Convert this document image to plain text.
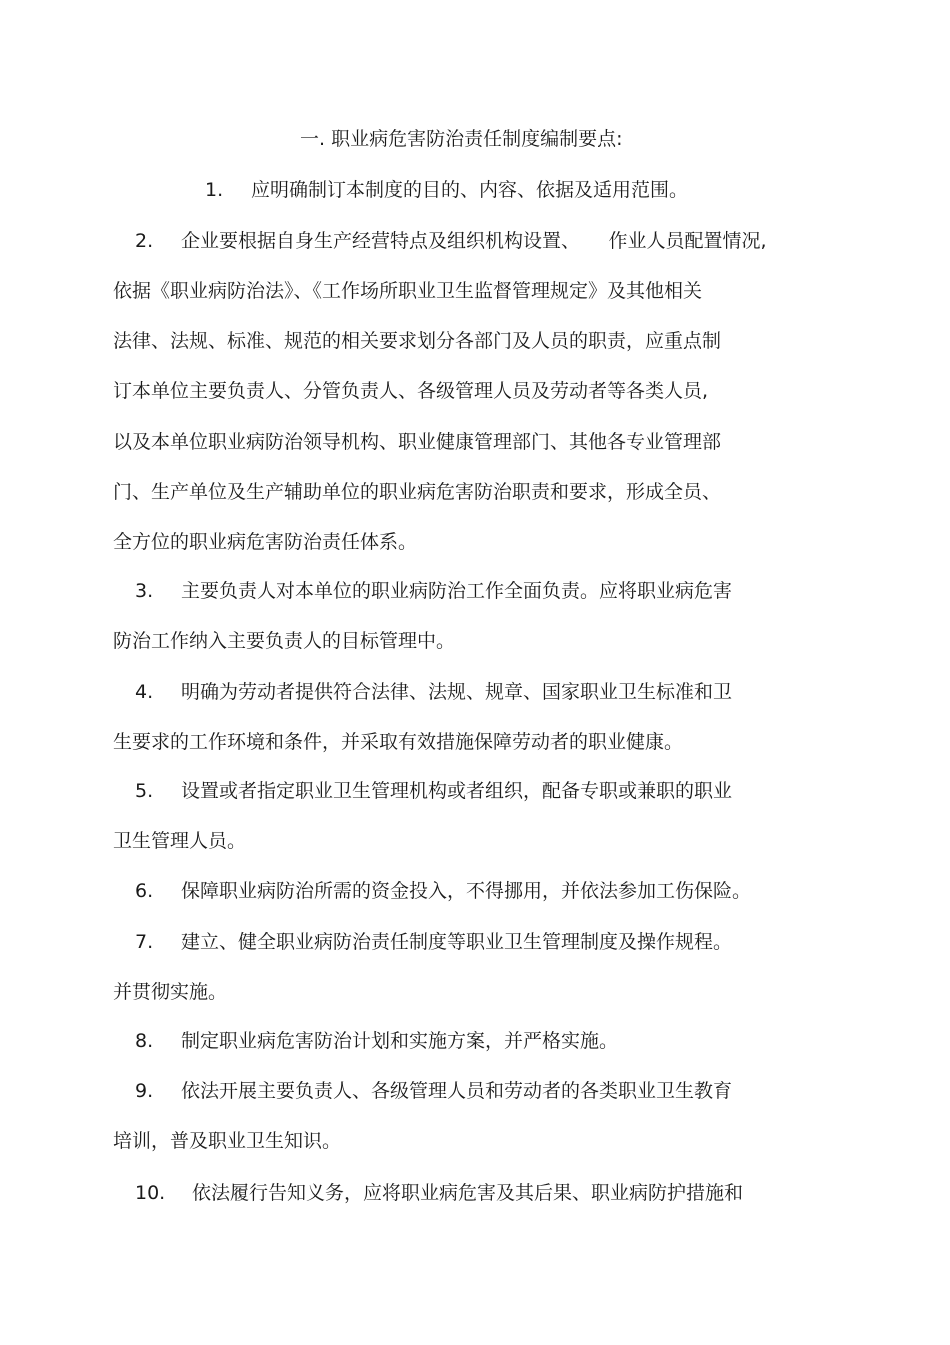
一. 职业病危害防治责任制度编制要点:
1. 应明确制订本制度的目的、内容、依据及适用范围。
2. 企业要根据自身生产经营特点及组织机构设置、　　作业人员配置情况,
依据《职业病防治法》、《工作场所职业卫生监督管理规定》及其他相关
法律、法规、标准、规范的相关要求划分各部门及人员的职责，应重点制
订本单位主要负责人、分管负责人、各级管理人员及劳动者等各类人员,
以及本单位职业病防治领导机构、职业健康管理部门、其他各专业管理部
门、生产单位及生产辅助单位的职业病危害防治职责和要求，形成全员、
全方位的职业病危害防治责任体系。
3. 主要负责人对本单位的职业病防治工作全面负责。应将职业病危害
防治工作纳入主要负责人的目标管理中。
4. 明确为劳动者提供符合法律、法规、规章、国家职业卫生标准和卫
生要求的工作环境和条件，并采取有效措施保障劳动者的职业健康。
5. 设置或者指定职业卫生管理机构或者组织，配备专职或兼职的职业
卫生管理人员。
6. 保障职业病防治所需的资金投入，不得挪用，并依法参加工伤保险。
7. 建立、健全职业病防治责任制度等职业卫生管理制度及操作规程。
并贯彻实施。
8. 制定职业病危害防治计划和实施方案，并严格实施。
9. 依法开展主要负责人、各级管理人员和劳动者的各类职业卫生教育
培训，普及职业卫生知识。
10. 依法履行告知义务，应将职业病危害及其后果、职业病防护措施和
